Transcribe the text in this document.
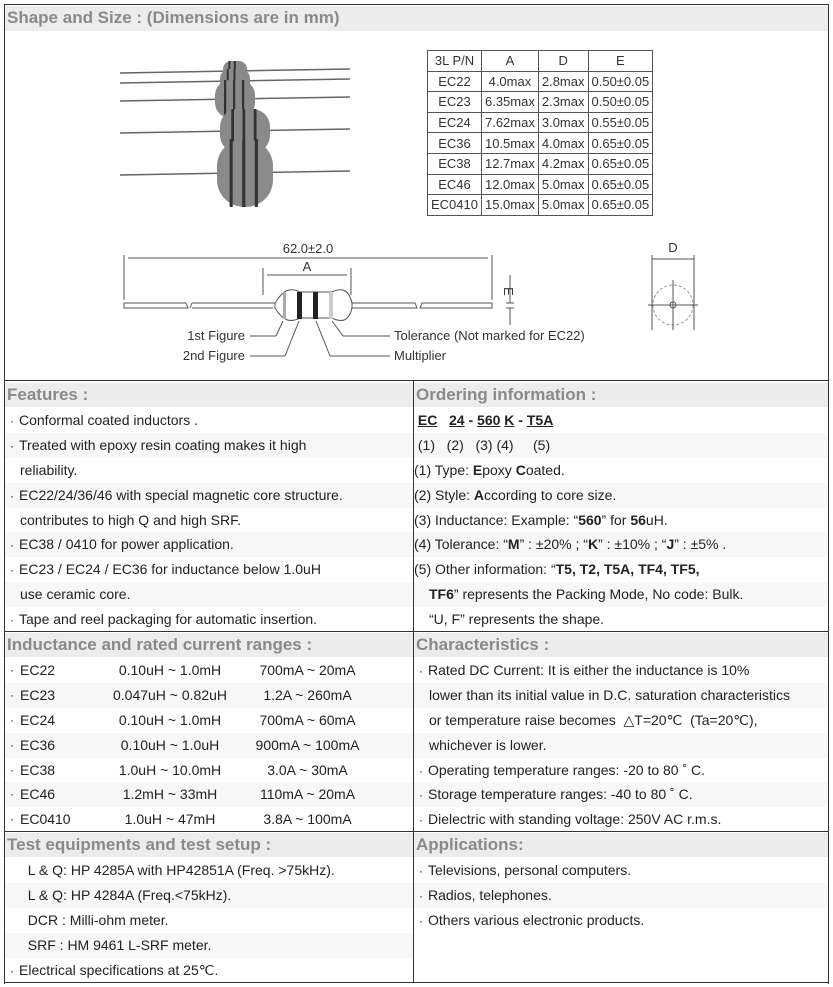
Shape and Size : (Dimensions are in mm)
3L P/N	A	D	E
EC22	4.0max	2.8max	0.50±0.05
EC23	6.35max	2.3max	0.50±0.05
EC24	7.62max	3.0max	0.55±0.05
EC36	10.5max	4.0max	0.65±0.05
EC38	12.7max	4.2max	0.65±0.05
EC46	12.0max	5.0max	0.65±0.05
EC0410	15.0max	5.0max	0.65±0.05
62.0±2.0
A
E
D
1st Figure
2nd Figure
Tolerance (Not marked for EC22)
Multiplier
Features :
· Conformal coated inductors .
· Treated with epoxy resin coating makes it high
reliability.
· EC22/24/36/46 with special magnetic core structure.
contributes to high Q and high SRF.
· EC38 / 0410 for power application.
· EC23 / EC24 / EC36 for inductance below 1.0uH
use ceramic core.
· Tape and reel packaging for automatic insertion.
Ordering information :
EC 24 - 560 K - T5A
(1)   (2)   (3) (4)     (5)
(1) Type: Epoxy Coated.
(2) Style: According to core size.
(3) Inductance: Example: “560” for 56uH.
(4) Tolerance: “M” : ±20% ; “K” : ±10% ; “J” : ±5% .
(5) Other information: “T5, T2, T5A, TF4, TF5,
TF6” represents the Packing Mode, No code: Bulk.
“U, F” represents the shape.
Inductance and rated current ranges :
· EC22	0.10uH ~ 1.0mH	700mA ~ 20mA
· EC23	0.047uH ~ 0.82uH	1.2A ~ 260mA
· EC24	0.10uH ~ 1.0mH	700mA ~ 60mA
· EC36	0.10uH ~ 1.0uH	900mA ~ 100mA
· EC38	1.0uH ~ 10.0mH	3.0A ~ 30mA
· EC46	1.2mH ~ 33mH	110mA ~ 20mA
· EC0410	1.0uH ~ 47mH	3.8A ~ 100mA
Characteristics :
· Rated DC Current: It is either the inductance is 10%
lower than its initial value in D.C. saturation characteristics
or temperature raise becomes  △T=20℃  (Ta=20℃),
whichever is lower.
· Operating temperature ranges: -20 to 80 ˚ C.
· Storage temperature ranges: -40 to 80 ˚ C.
· Dielectric with standing voltage: 250V AC r.m.s.
Test equipments and test setup :
L & Q: HP 4285A with HP42851A (Freq. >75kHz).
L & Q: HP 4284A (Freq.<75kHz).
DCR : Milli-ohm meter.
SRF : HM 9461 L-SRF meter.
· Electrical specifications at 25℃.
Applications:
· Televisions, personal computers.
· Radios, telephones.
· Others various electronic products.
